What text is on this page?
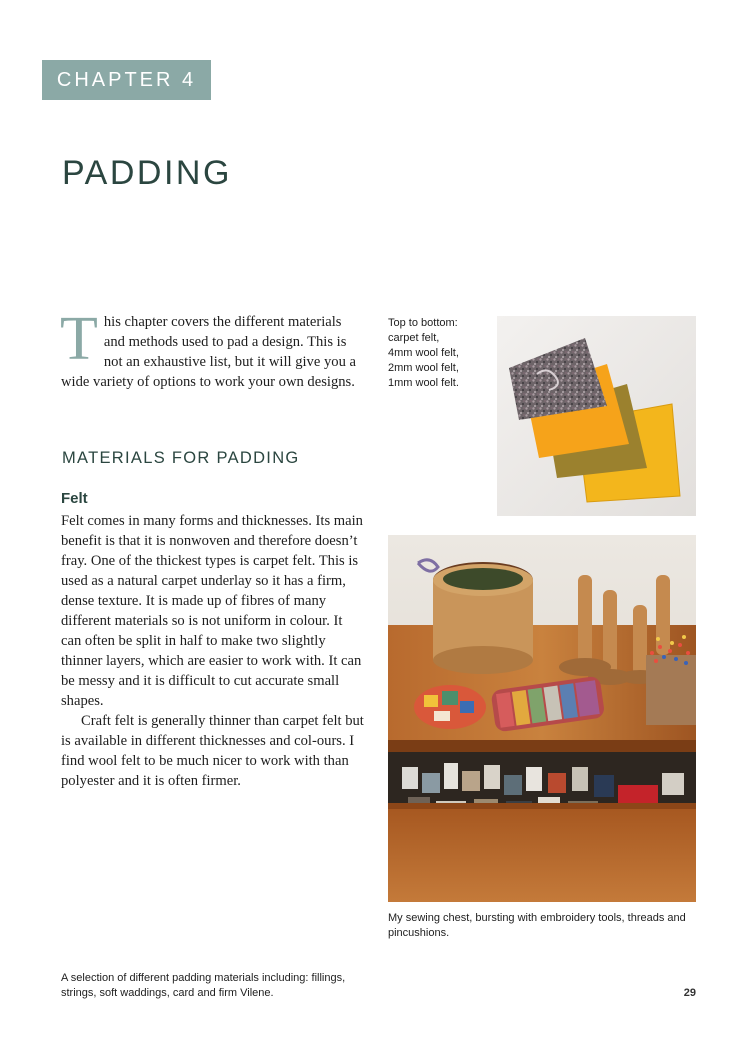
CHAPTER 4
PADDING

This chapter covers the different materials and methods used to pad a design. This is not an exhaustive list, but it will give you a wide variety of options to work your own designs.

MATERIALS FOR PADDING
Felt

Felt comes in many forms and thicknesses. Its main benefit is that it is nonwoven and therefore doesn’t fray. One of the thickest types is carpet felt. This is used as a natural carpet underlay so it has a firm, dense texture. It is made up of fibres of many different materials so is not uniform in colour. It can often be split in half to make two slightly thinner layers, which are easier to work with. It can be messy and it is difficult to cut accurate small shapes.

Craft felt is generally thinner than carpet felt but is available in different thicknesses and col-ours. I find wool felt to be much nicer to work with than polyester and it is often firmer.

Top to bottom:
carpet felt,
4mm wool felt,
2mm wool felt,
1mm wool felt.

My sewing chest, bursting with embroidery tools, threads and pincushions.

A selection of different padding materials including: fillings, strings, soft waddings, card and firm Vilene.	29
